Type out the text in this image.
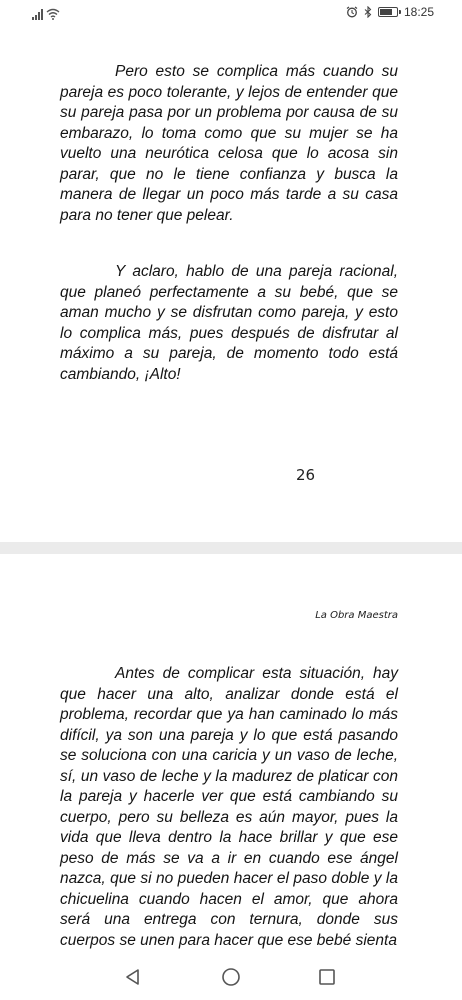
18:25

Pero esto se complica más cuando su pareja es poco tolerante, y lejos de entender que su pareja pasa por un problema por causa de su embarazo, lo toma como que su mujer se ha vuelto una neurótica celosa que lo acosa sin parar, que no le tiene confianza y busca la manera de llegar un poco más tarde a su casa para no tener que pelear.

Y aclaro, hablo de una pareja racional, que planeó perfectamente a su bebé, que se aman mucho y se disfrutan como pareja, y esto lo complica más, pues después de disfrutar al máximo a su pareja, de momento todo está cambiando, ¡Alto!

26
La Obra Maestra

Antes de complicar esta situación, hay que hacer una alto, analizar donde está el problema, recordar que ya han caminado lo más difícil, ya son una pareja y lo que está pasando se soluciona con una caricia y un vaso de leche, sí, un vaso de leche y la madurez de platicar con la pareja y hacerle ver que está cambiando su cuerpo, pero su belleza es aún mayor, pues la vida que lleva dentro la hace brillar y que ese peso de más se va a ir en cuando ese ángel nazca, que si no pueden hacer el paso doble y la chicuelina cuando hacen el amor, que ahora será una entrega con ternura, donde sus cuerpos se unen para hacer que ese bebé sienta
